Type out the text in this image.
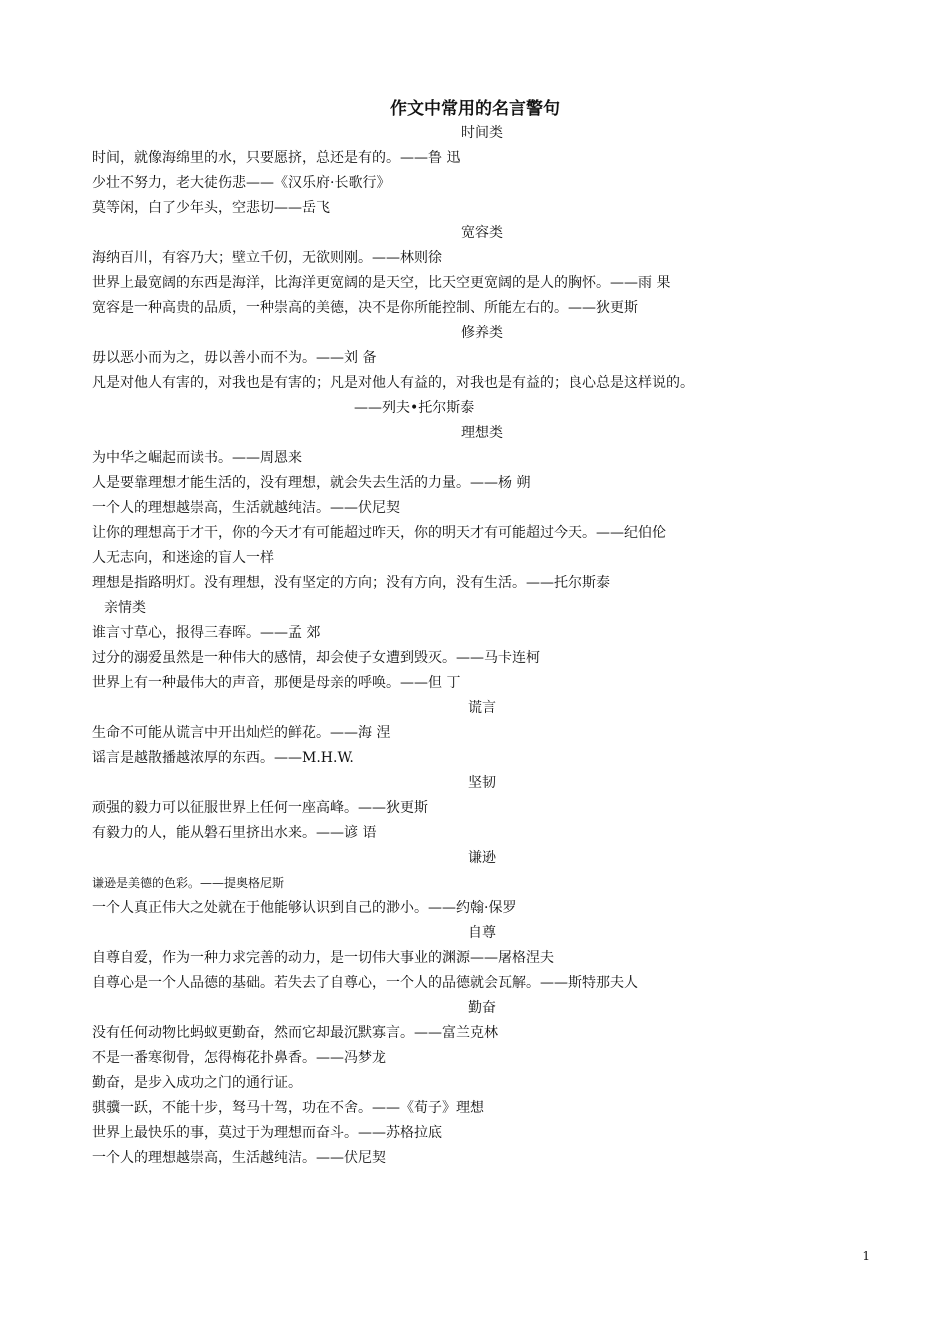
作文中常用的名言警句
时间类
时间，就像海绵里的水，只要愿挤，总还是有的。——鲁 迅
少壮不努力，老大徒伤悲——《汉乐府·长歌行》
莫等闲，白了少年头，空悲切——岳飞
宽容类
海纳百川，有容乃大；壁立千仞，无欲则刚。——林则徐
世界上最宽阔的东西是海洋，比海洋更宽阔的是天空，比天空更宽阔的是人的胸怀。——雨 果
宽容是一种高贵的品质，一种崇高的美德，决不是你所能控制、所能左右的。——狄更斯
修养类
毋以恶小而为之，毋以善小而不为。——刘 备
凡是对他人有害的，对我也是有害的；凡是对他人有益的，对我也是有益的；良心总是这样说的。
——列夫•托尔斯泰
理想类
为中华之崛起而读书。——周恩来
人是要靠理想才能生活的，没有理想，就会失去生活的力量。——杨 朔
一个人的理想越崇高，生活就越纯洁。——伏尼契
让你的理想高于才干，你的今天才有可能超过昨天，你的明天才有可能超过今天。——纪伯伦
人无志向，和迷途的盲人一样
理想是指路明灯。没有理想，没有坚定的方向；没有方向，没有生活。——托尔斯泰
亲情类
谁言寸草心，报得三春晖。——孟 郊
过分的溺爱虽然是一种伟大的感情，却会使子女遭到毁灭。——马卡连柯
世界上有一种最伟大的声音，那便是母亲的呼唤。——但 丁
谎言
生命不可能从谎言中开出灿烂的鲜花。——海 涅
谣言是越散播越浓厚的东西。——M.H.W.
坚韧
顽强的毅力可以征服世界上任何一座高峰。——狄更斯
有毅力的人，能从磐石里挤出水来。——谚 语
谦逊
谦逊是美德的色彩。——提奥格尼斯
一个人真正伟大之处就在于他能够认识到自己的渺小。——约翰·保罗
自尊
自尊自爱，作为一种力求完善的动力，是一切伟大事业的渊源——屠格涅夫
自尊心是一个人品德的基础。若失去了自尊心，一个人的品德就会瓦解。——斯特那夫人
勤奋
没有任何动物比蚂蚁更勤奋，然而它却最沉默寡言。——富兰克林
不是一番寒彻骨，怎得梅花扑鼻香。——冯梦龙
勤奋，是步入成功之门的通行证。
骐骥一跃，不能十步，驽马十驾，功在不舍。——《荀子》理想
世界上最快乐的事，莫过于为理想而奋斗。——苏格拉底
一个人的理想越崇高，生活越纯洁。——伏尼契
1
